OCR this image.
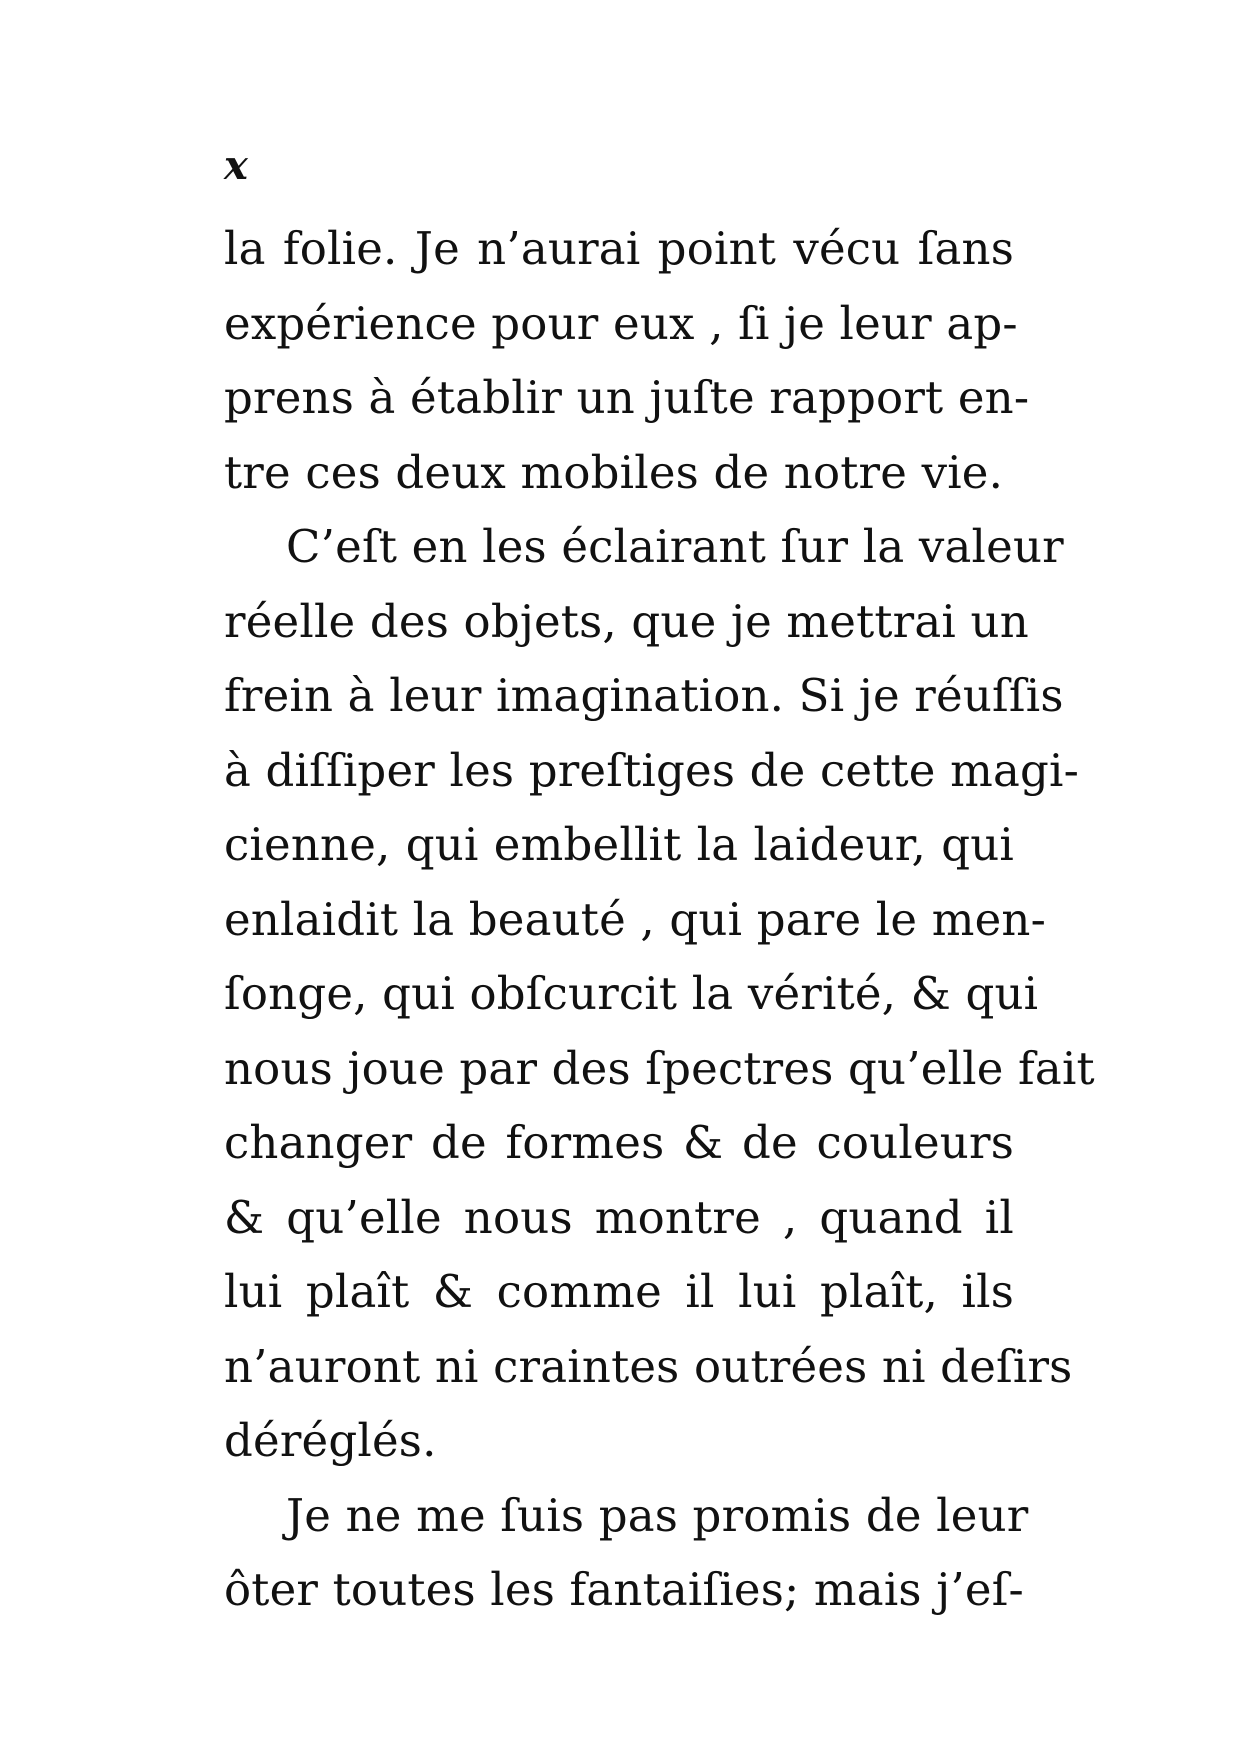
x
la folie. Je n’aurai point vécu ſans
expérience pour eux , ſi je leur ap-
prens à établir un juſte rapport en-
tre ces deux mobiles de notre vie.
C’eſt en les éclairant ſur la valeur
réelle des objets, que je mettrai un
frein à leur imagination. Si je réuſſis
à diſſiper les preſtiges de cette magi-
cienne, qui embellit la laideur, qui
enlaidit la beauté , qui pare le men-
ſonge, qui obſcurcit la vérité, & qui
nous joue par des ſpectres qu’elle fait
changer de formes & de couleurs
& qu’elle nous montre , quand il
lui plaît & comme il lui plaît, ils
n’auront ni craintes outrées ni deſirs
déréglés.
Je ne me ſuis pas promis de leur
ôter toutes les fantaiſies; mais j’eſ-
